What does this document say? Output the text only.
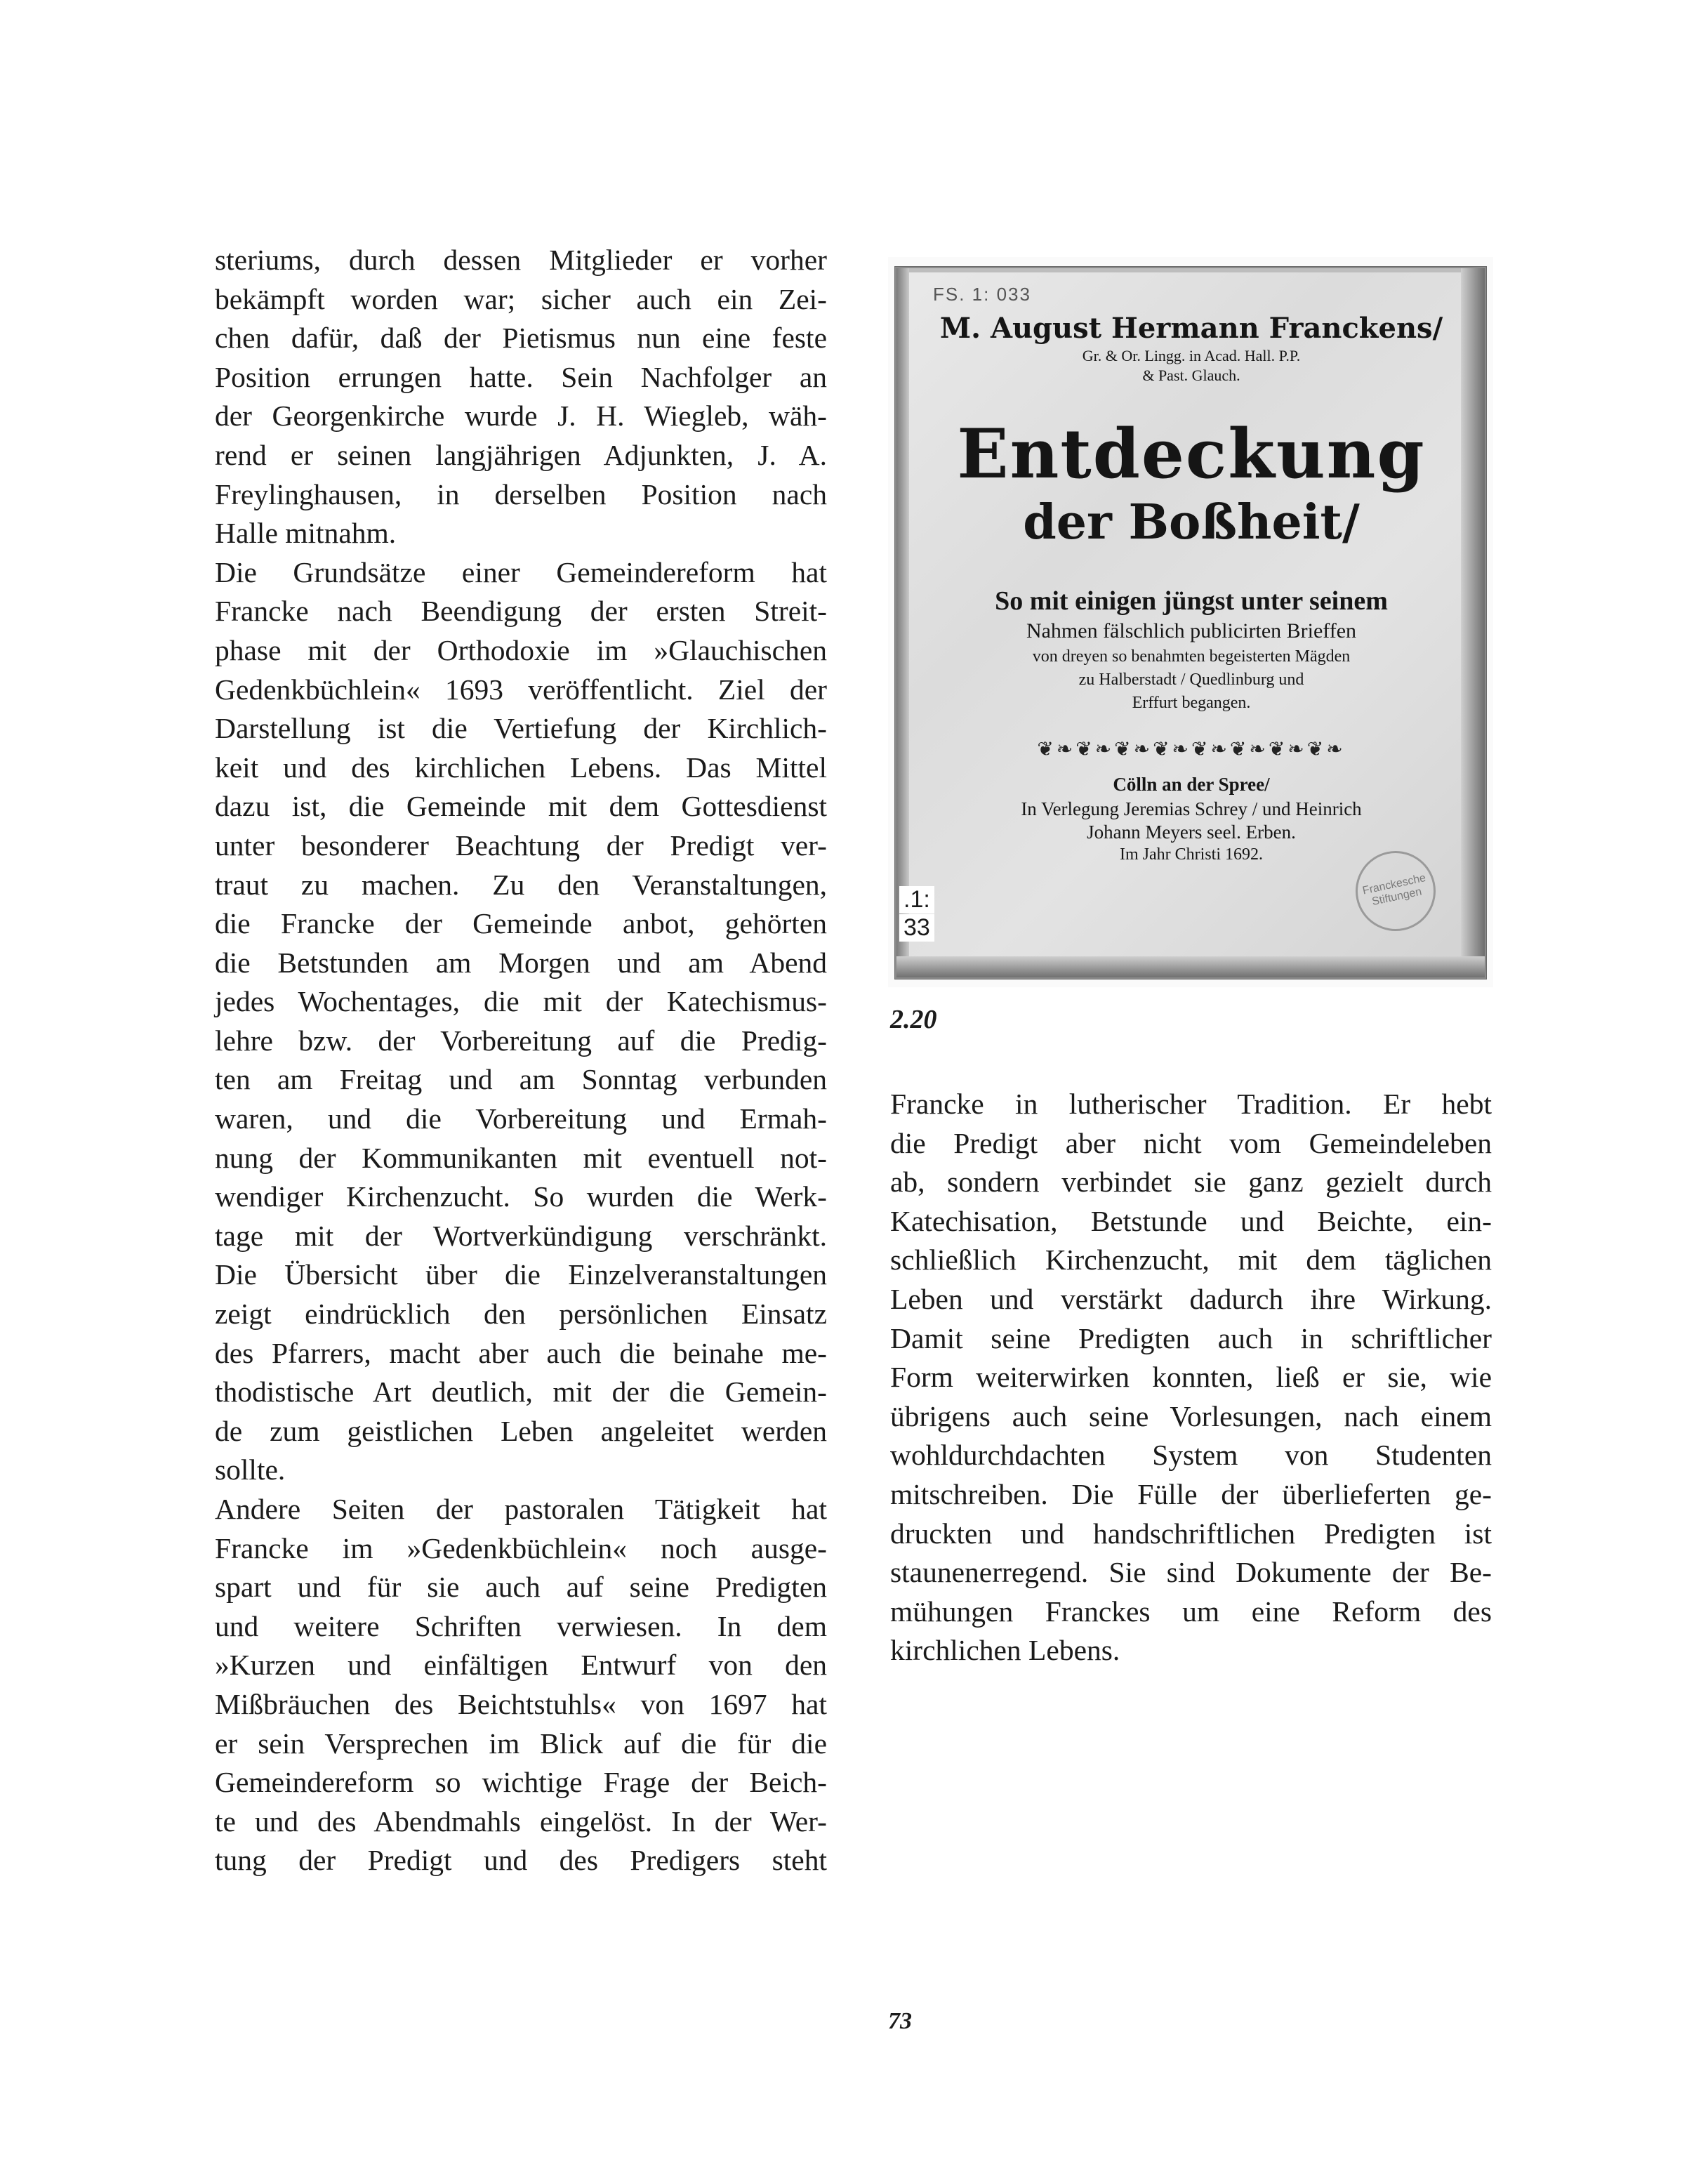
steriums, durch dessen Mitglieder er vorher
bekämpft worden war; sicher auch ein Zei-
chen dafür, daß der Pietismus nun eine feste
Position errungen hatte. Sein Nachfolger an
der Georgenkirche wurde J. H. Wiegleb, wäh-
rend er seinen langjährigen Adjunkten, J. A.
Freylinghausen, in derselben Position nach
Halle mitnahm.
Die Grundsätze einer Gemeindereform hat
Francke nach Beendigung der ersten Streit-
phase mit der Orthodoxie im »Glauchischen
Gedenkbüchlein« 1693 veröffentlicht. Ziel der
Darstellung ist die Vertiefung der Kirchlich-
keit und des kirchlichen Lebens. Das Mittel
dazu ist, die Gemeinde mit dem Gottesdienst
unter besonderer Beachtung der Predigt ver-
traut zu machen. Zu den Veranstaltungen,
die Francke der Gemeinde anbot, gehörten
die Betstunden am Morgen und am Abend
jedes Wochentages, die mit der Katechismus-
lehre bzw. der Vorbereitung auf die Predig-
ten am Freitag und am Sonntag verbunden
waren, und die Vorbereitung und Ermah-
nung der Kommunikanten mit eventuell not-
wendiger Kirchenzucht. So wurden die Werk-
tage mit der Wortverkündigung verschränkt.
Die Übersicht über die Einzelveranstaltungen
zeigt eindrücklich den persönlichen Einsatz
des Pfarrers, macht aber auch die beinahe me-
thodistische Art deutlich, mit der die Gemein-
de zum geistlichen Leben angeleitet werden
sollte.
Andere Seiten der pastoralen Tätigkeit hat
Francke im »Gedenkbüchlein« noch ausge-
spart und für sie auch auf seine Predigten
und weitere Schriften verwiesen. In dem
»Kurzen und einfältigen Entwurf von den
Mißbräuchen des Beichtstuhls« von 1697 hat
er sein Versprechen im Blick auf die für die
Gemeindereform so wichtige Frage der Beich-
te und des Abendmahls eingelöst. In der Wer-
tung der Predigt und des Predigers steht
Francke in lutherischer Tradition. Er hebt
die Predigt aber nicht vom Gemeindeleben
ab, sondern verbindet sie ganz gezielt durch
Katechisation, Betstunde und Beichte, ein-
schließlich Kirchenzucht, mit dem täglichen
Leben und verstärkt dadurch ihre Wirkung.
Damit seine Predigten auch in schriftlicher
Form weiterwirken konnten, ließ er sie, wie
übrigens auch seine Vorlesungen, nach einem
wohldurchdachten System von Studenten
mitschreiben. Die Fülle der überlieferten ge-
druckten und handschriftlichen Predigten ist
staunenerregend. Sie sind Dokumente der Be-
mühungen Franckes um eine Reform des
kirchlichen Lebens.
FS. 1: 033
M. August Hermann Franckens/
Gr. & Or. Lingg. in Acad. Hall. P.P.
& Past. Glauch.
Entdeckung
der Boßheit/
So mit einigen jüngst unter seinem
Nahmen fälschlich publicirten Brieffen
von dreyen so benahmten begeisterten Mägden
zu Halberstadt / Quedlinburg und
Erffurt begangen.
❦❧❦❧❦❧❦❧❦❧❦❧❦❧❦❧
Cölln an der Spree/
In Verlegung Jeremias Schrey / und Heinrich
Johann Meyers seel. Erben.
Im Jahr Christi 1692.
.1:
33
Franckesche Stiftungen
2.20
73
